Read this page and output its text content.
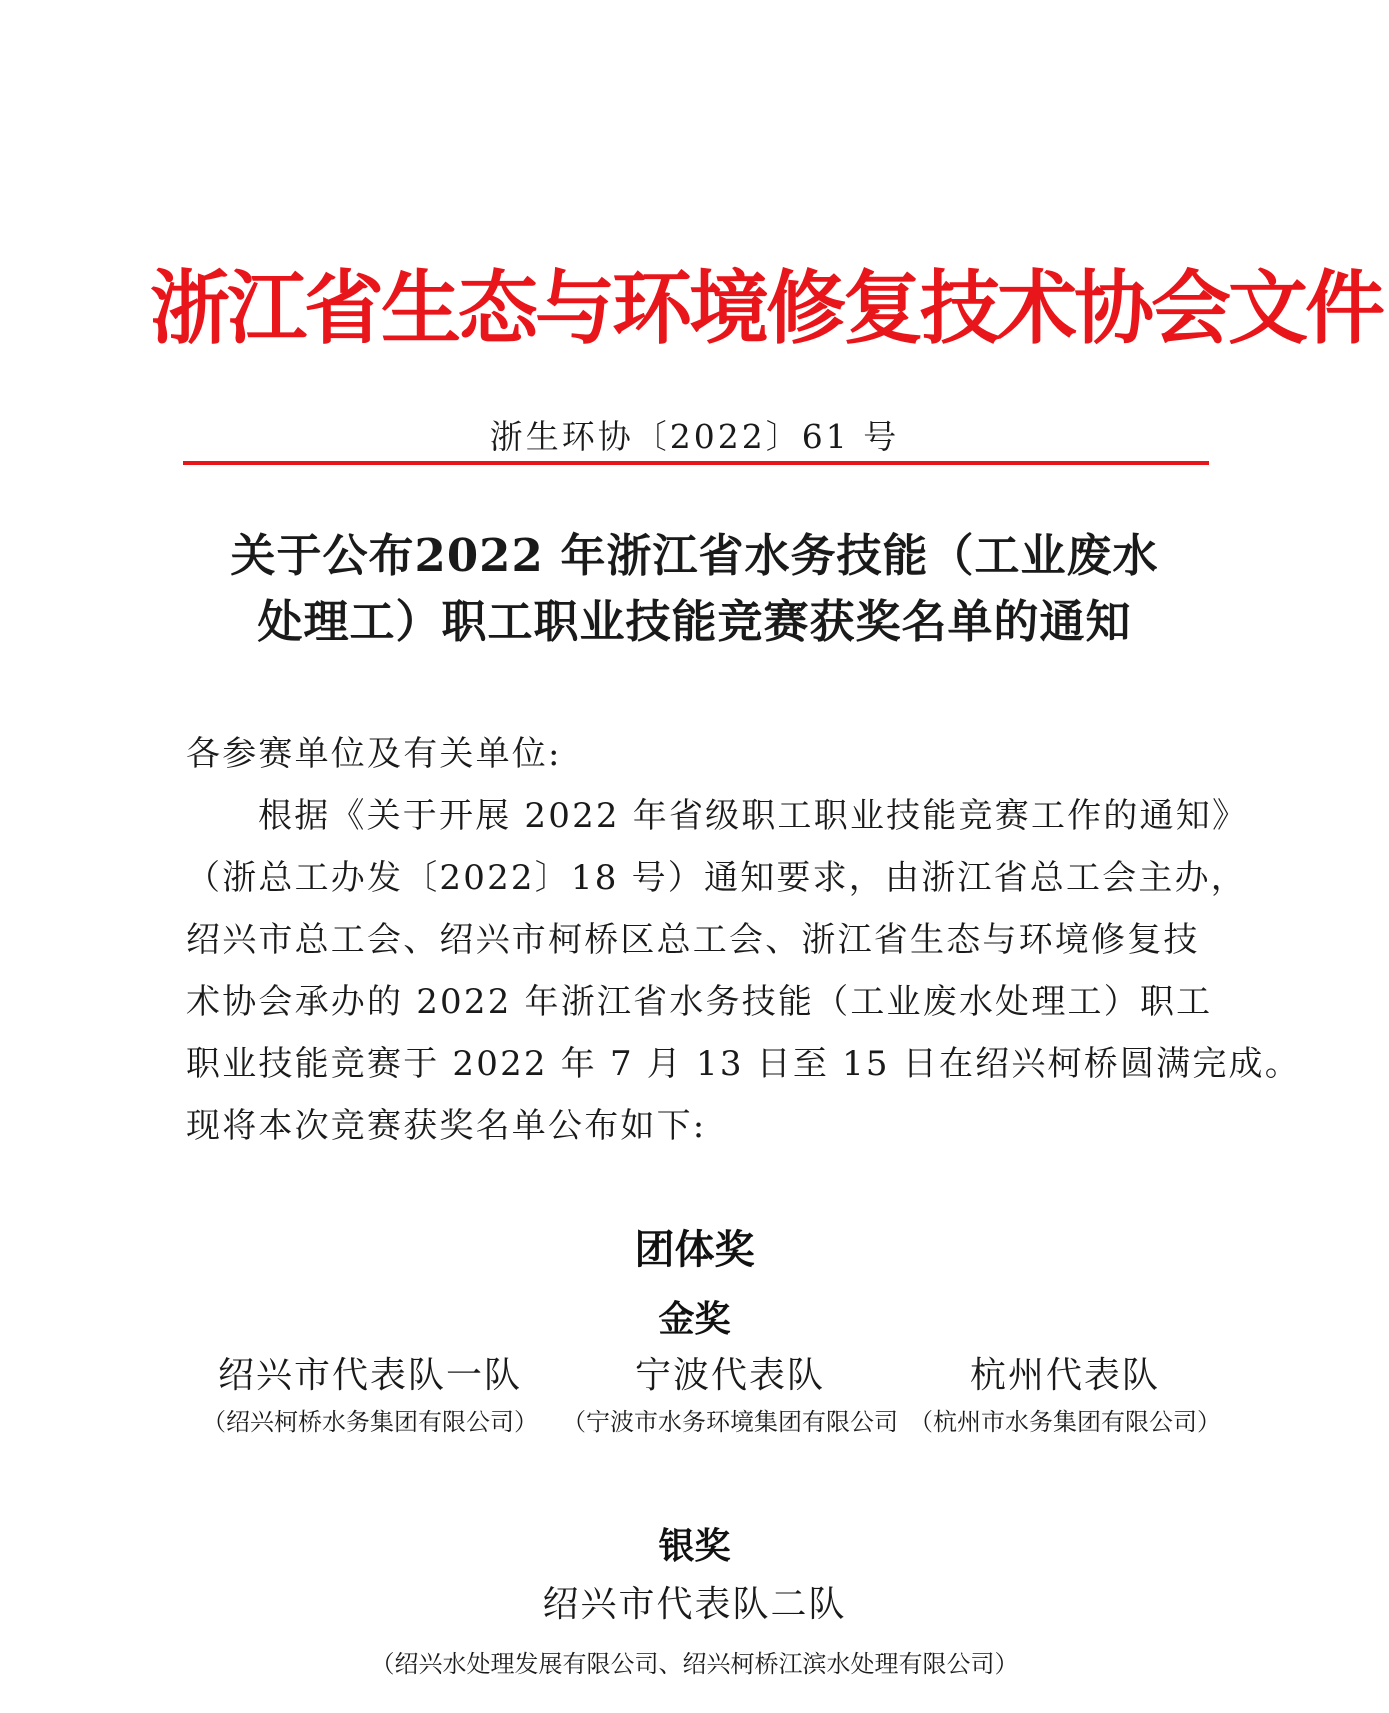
浙江省生态与环境修复技术协会文件
浙生环协〔2022〕61 号
关于公布2022 年浙江省水务技能（工业废水
处理工）职工职业技能竞赛获奖名单的通知
各参赛单位及有关单位:
根据《关于开展 2022 年省级职工职业技能竞赛工作的通知》
（浙总工办发〔2022〕18 号）通知要求，由浙江省总工会主办，
绍兴市总工会、绍兴市柯桥区总工会、浙江省生态与环境修复技
术协会承办的 2022 年浙江省水务技能（工业废水处理工）职工
职业技能竞赛于 2022 年 7 月 13 日至 15 日在绍兴柯桥圆满完成。
现将本次竞赛获奖名单公布如下:
团体奖
金奖
绍兴市代表队一队	宁波代表队	杭州代表队
（绍兴柯桥水务集团有限公司）	（宁波市水务环境集团有限公司 （杭州市水务集团有限公司）
银奖
绍兴市代表队二队
（绍兴水处理发展有限公司、绍兴柯桥江滨水处理有限公司）
